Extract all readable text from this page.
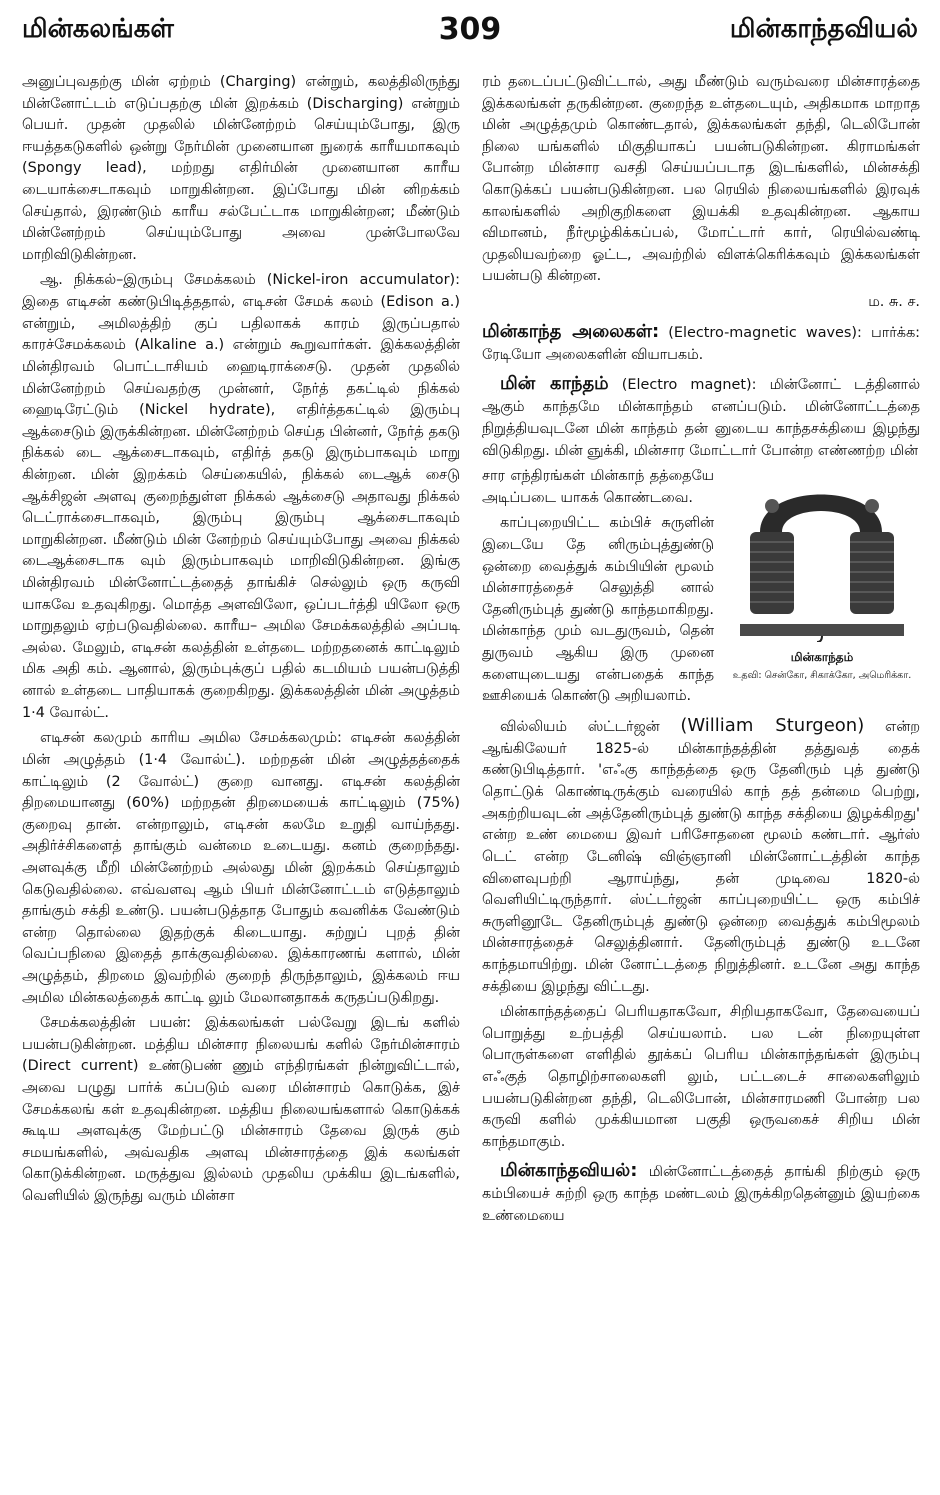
மின்கலங்கள்	309	மின்காந்தவியல்

அனுப்புவதற்கு மின் ஏற்றம் (Charging) என்றும், கலத்திலிருந்து மின்னோட்டம் எடுப்பதற்கு மின் இறக்கம் (Discharging) என்றும் பெயர். முதன் முதலில் மின்னேற்றம் செய்யும்போது, இரு ஈயத்தகடுகளில் ஒன்று நேர்மின் முனையான நுரைக் காரீயமாகவும் (Spongy lead), மற்றது எதிர்மின் முனையான காரீய டையாக்சைடாகவும் மாறுகின்றன. இப்போது மின் னிறக்கம் செய்தால், இரண்டும் காரீய சல்பேட்டாக மாறுகின்றன; மீண்டும் மின்னேற்றம் செய்யும்போது அவை முன்போலவே மாறிவிடுகின்றன.

ஆ. நிக்கல்–இரும்பு சேமக்கலம் (Nickel-iron accumulator): இதை எடிசன் கண்டுபிடித்ததால், எடிசன் சேமக் கலம் (Edison a.) என்றும், அமிலத்திற் குப் பதிலாகக் காரம் இருப்பதால் காரச்சேமக்கலம் (Alkaline a.) என்றும் கூறுவார்கள். இக்கலத்தின் மின்திரவம் பொட்டாசியம் ஹைடிராக்சைடு. முதன் முதலில் மின்னேற்றம் செய்வதற்கு முன்னர், நேர்த் தகட்டில் நிக்கல் ஹைடிரேட்டும் (Nickel hydrate), எதிர்த்தகட்டில் இரும்பு ஆக்சைடும் இருக்கின்றன. மின்னேற்றம் செய்த பின்னர், நேர்த் தகடு நிக்கல் டை ஆக்சைடாகவும், எதிர்த் தகடு இரும்பாகவும் மாறு கின்றன. மின் இறக்கம் செய்கையில், நிக்கல் டைஆக் சைடு ஆக்சிஜன் அளவு குறைந்துள்ள நிக்கல் ஆக்சைடு அதாவது நிக்கல் டெட்ராக்சைடாகவும், இரும்பு இரும்பு ஆக்சைடாகவும் மாறுகின்றன. மீண்டும் மின் னேற்றம் செய்யும்போது அவை நிக்கல் டைஆக்சைடாக வும் இரும்பாகவும் மாறிவிடுகின்றன. இங்கு மின்திரவம் மின்னோட்டத்தைத் தாங்கிச் செல்லும் ஒரு கருவி யாகவே உதவுகிறது. மொத்த அளவிலோ, ஒப்படர்த்தி யிலோ ஒரு மாறுதலும் ஏற்படுவதில்லை. காரீய– அமில சேமக்கலத்தில் அப்படி அல்ல. மேலும், எடிசன் கலத்தின் உள்தடை மற்றதனைக் காட்டிலும் மிக அதி கம். ஆனால், இரும்புக்குப் பதில் கடமியம் பயன்படுத்தி னால் உள்தடை பாதியாகக் குறைகிறது. இக்கலத்தின் மின் அழுத்தம் 1·4 வோல்ட்.

எடிசன் கலமும் காரிய அமில சேமக்கலமும்: எடிசன் கலத்தின் மின் அழுத்தம் (1·4 வோல்ட்). மற்றதன் மின் அழுத்தத்தைக் காட்டிலும் (2 வோல்ட்) குறை வானது. எடிசன் கலத்தின் திறமையானது (60%) மற்றதன் திறமையைக் காட்டிலும் (75%) குறைவு தான். என்றாலும், எடிசன் கலமே உறுதி வாய்ந்தது. அதிர்ச்சிகளைத் தாங்கும் வன்மை உடையது. கனம் குறைந்தது. அளவுக்கு மீறி மின்னேற்றம் அல்லது மின் இறக்கம் செய்தாலும் கெடுவதில்லை. எவ்வளவு ஆம் பியர் மின்னோட்டம் எடுத்தாலும் தாங்கும் சக்தி உண்டு. பயன்படுத்தாத போதும் கவனிக்க வேண்டும் என்ற தொல்லை இதற்குக் கிடையாது. சுற்றுப் புறத் தின் வெப்பநிலை இதைத் தாக்குவதில்லை. இக்காரணங் களால், மின் அழுத்தம், திறமை இவற்றில் குறைந் திருந்தாலும், இக்கலம் ஈய அமில மின்கலத்தைக் காட்டி லும் மேலானதாகக் கருதப்படுகிறது.

சேமக்கலத்தின் பயன்: இக்கலங்கள் பல்வேறு இடங் களில் பயன்படுகின்றன. மத்திய மின்சார நிலையங் களில் நேர்மின்சாரம் (Direct current) உண்டுபண் ணும் எந்திரங்கள் நின்றுவிட்டால், அவை பழுது பார்க் கப்படும் வரை மின்சாரம் கொடுக்க, இச் சேமக்கலங் கள் உதவுகின்றன. மத்திய நிலையங்களால் கொடுக்கக் கூடிய அளவுக்கு மேற்பட்டு மின்சாரம் தேவை இருக் கும் சமயங்களில், அவ்வதிக அளவு மின்சாரத்தை இக் கலங்கள் கொடுக்கின்றன. மருத்துவ இல்லம் முதலிய முக்கிய இடங்களில், வெளியில் இருந்து வரும் மின்சா

ரம் தடைப்பட்டுவிட்டால், அது மீண்டும் வரும்வரை மின்சாரத்தை இக்கலங்கள் தருகின்றன. குறைந்த உள்தடையும், அதிகமாக மாறாத மின் அழுத்தமும் கொண்டதால், இக்கலங்கள் தந்தி, டெலிபோன் நிலை யங்களில் மிகுதியாகப் பயன்படுகின்றன. கிராமங்கள் போன்ற மின்சார வசதி செய்யப்படாத இடங்களில், மின்சக்தி கொடுக்கப் பயன்படுகின்றன. பல ரெயில் நிலையங்களில் இரவுக் காலங்களில் அறிகுறிகளை இயக்கி உதவுகின்றன. ஆகாய விமானம், நீர்மூழ்கிக்கப்பல், மோட்டார் கார், ரெயில்வண்டி முதலியவற்றை ஓட்ட, அவற்றில் விளக்கெரிக்கவும் இக்கலங்கள் பயன்படு கின்றன.

ம. சு. ச.

மின்காந்த அலைகள்: (Electro-magnetic waves): பார்க்க: ரேடியோ அலைகளின் வியாபகம்.

மின் காந்தம் (Electro magnet): மின்னோட் டத்தினால் ஆகும் காந்தமே மின்காந்தம் எனப்படும். மின்னோட்டத்தை நிறுத்தியவுடனே மின் காந்தம் தன் னுடைய காந்தசக்தியை இழந்து விடுகிறது. மின் ஞுக்கி, மின்சார மோட்டார் போன்ற எண்ணற்ற மின்

மின்காந்தம்
உதவி: சென்கோ, சிகாக்கோ, அமெரிக்கா.

சார எந்திரங்கள் மின்காந் தத்தையே அடிப்படை யாகக் கொண்டவை.

காப்புறையிட்ட கம்பிச் சுருளின் இடையே தே னிரும்புத்துண்டு ஒன்றை வைத்துக் கம்பியின் மூலம் மின்சாரத்தைச் செலுத்தி னால் தேனிரும்புத் துண்டு காந்தமாகிறது. மின்காந்த மும் வடதுருவம், தென் துருவம் ஆகிய இரு முனை களையுடையது என்பதைக் காந்த ஊசியைக் கொண்டு அறியலாம்.

வில்லியம் ஸ்ட்டர்ஜன் (William Sturgeon) என்ற ஆங்கிலேயர் 1825-ல் மின்காந்தத்தின் தத்துவத் தைக் கண்டுபிடித்தார். 'எஃகு காந்தத்தை ஒரு தேனிரும் புத் துண்டு தொட்டுக் கொண்டிருக்கும் வரையில் காந் தத் தன்மை பெற்று, அகற்றியவுடன் அத்தேனிரும்புத் துண்டு காந்த சக்தியை இழக்கிறது' என்ற உண் மையை இவர் பரிசோதனை மூலம் கண்டார். ஆர்ஸ் டெட் என்ற டேனிஷ் விஞ்ஞானி மின்னோட்டத்தின் காந்த விளைவுபற்றி ஆராய்ந்து, தன் முடிவை 1820-ல் வெளியிட்டிருந்தார். ஸ்ட்டர்ஜன் காப்புறையிட்ட ஒரு கம்பிச் சுருளினூடே தேனிரும்புத் துண்டு ஒன்றை வைத்துக் கம்பிமூலம் மின்சாரத்தைச் செலுத்தினார். தேனிரும்புத் துண்டு உடனே காந்தமாயிற்று. மின் னோட்டத்தை நிறுத்தினர். உடனே அது காந்த சக்தியை இழந்து விட்டது.

மின்காந்தத்தைப் பெரியதாகவோ, சிறியதாகவோ, தேவையைப் பொறுத்து உற்பத்தி செய்யலாம். பல டன் நிறையுள்ள பொருள்களை எளிதில் தூக்கப் பெரிய மின்காந்தங்கள் இரும்பு எஃகுத் தொழிற்சாலைகளி லும், பட்டடைச் சாலைகளிலும் பயன்படுகின்றன தந்தி, டெலிபோன், மின்சாரமணி போன்ற பல கருவி களில் முக்கியமான பகுதி ஒருவகைச் சிறிய மின் காந்தமாகும்.

மின்காந்தவியல்: மின்னோட்டத்தைத் தாங்கி நிற்கும் ஒரு கம்பியைச் சுற்றி ஒரு காந்த மண்டலம் இருக்கிறதென்னும் இயற்கை உண்மையை
